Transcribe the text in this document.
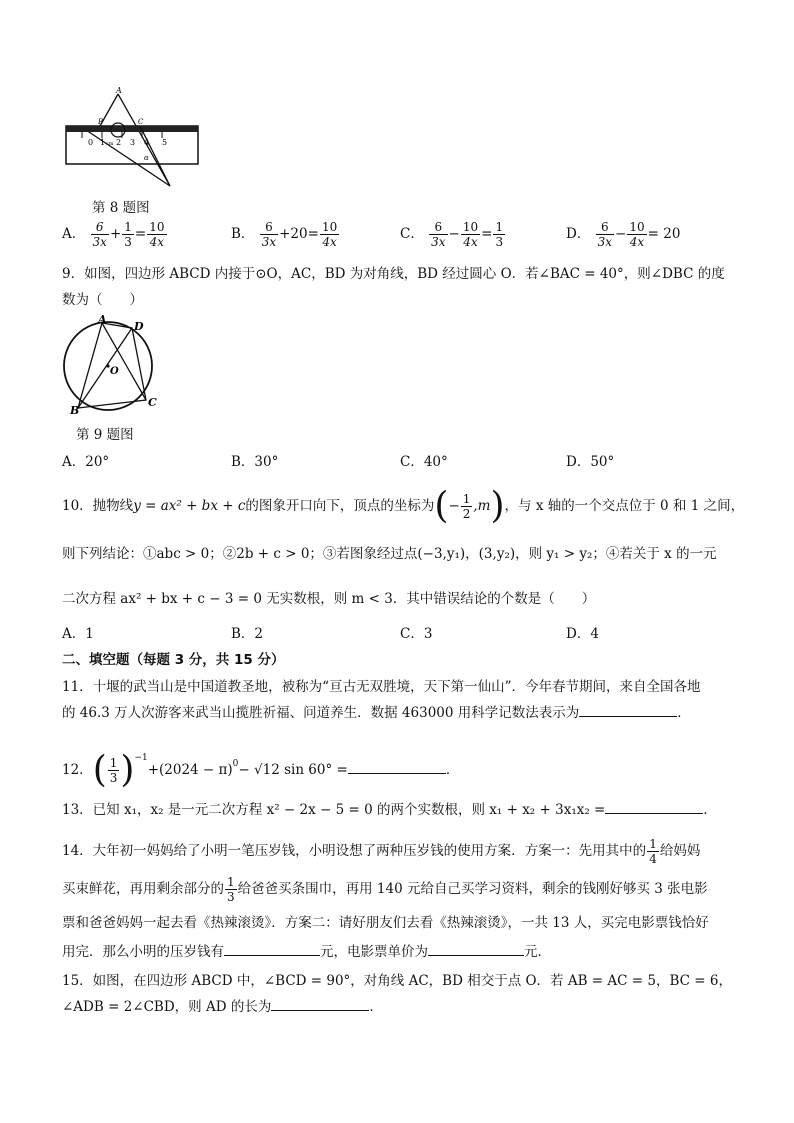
A
B	C
α
0 1 cm 2 3 4 5
第 8 题图
A． $\frac{6}{3x} + \frac{1}{3} = \frac{10}{4x}$	B． $\frac{6}{3x} +20= \frac{10}{4x}$	C． $\frac{6}{3x} - \frac{10}{4x} = \frac{1}{3}$	D． $\frac{6}{3x} - \frac{10}{4x} = 20$
9．如图，四边形 ABCD 内接于⊙O，AC，BD 为对角线，BD 经过圆心 O．若∠BAC = 40°，则∠DBC 的度
数为（　　）
A
D
O
B
C
第 9 题图
A．20°	B．30°	C．40°	D．50°
10．抛物线y = ax² + bx + c的图象开口向下，顶点的坐标为(− $\frac{1}{2} ,m$)，与 x 轴的一个交点位于 0 和 1 之间，
则下列结论：①abc > 0；②2b + c > 0；③若图象经过点(−3,y₁)，(3,y₂)，则 y₁ > y₂；④若关于 x 的一元
二次方程 ax² + bx + c − 3 = 0 无实数根，则 m < 3．其中错误结论的个数是（　　）
A．1	B．2	C．3	D．4
二、填空题（每题 3 分，共 15 分）
11．十堰的武当山是中国道教圣地，被称为“亘古无双胜境，天下第一仙山”．今年春节期间，来自全国各地
的 46.3 万人次游客来武当山揽胜祈福、问道养生．数据 463000 用科学记数法表示为	．
12．( $\frac{1}{3} )^{-1}+(2024 - \pi)^0- √12$ sin 60° =	．
13．已知 x₁，x₂ 是一元二次方程 x² − 2x − 5 = 0 的两个实数根，则 x₁ + x₂ + 3x₁x₂ =	．
14．大年初一妈妈给了小明一笔压岁钱，小明设想了两种压岁钱的使用方案．方案一：先用其中的 $\frac{1}{4}$ 给妈妈
买束鲜花，再用剩余部分的 $\frac{1}{3}$ 给爸爸买条围巾，再用 140 元给自己买学习资料，剩余的钱刚好够买 3 张电影
票和爸爸妈妈一起去看《热辣滚烫》．方案二：请好朋友们去看《热辣滚烫》，一共 13 人，买完电影票钱恰好
用完．那么小明的压岁钱有	元，电影票单价为	元．
15．如图，在四边形 ABCD 中，∠BCD = 90°，对角线 AC，BD 相交于点 O．若 AB = AC = 5，BC = 6，
∠ADB = 2∠CBD，则 AD 的长为	．
